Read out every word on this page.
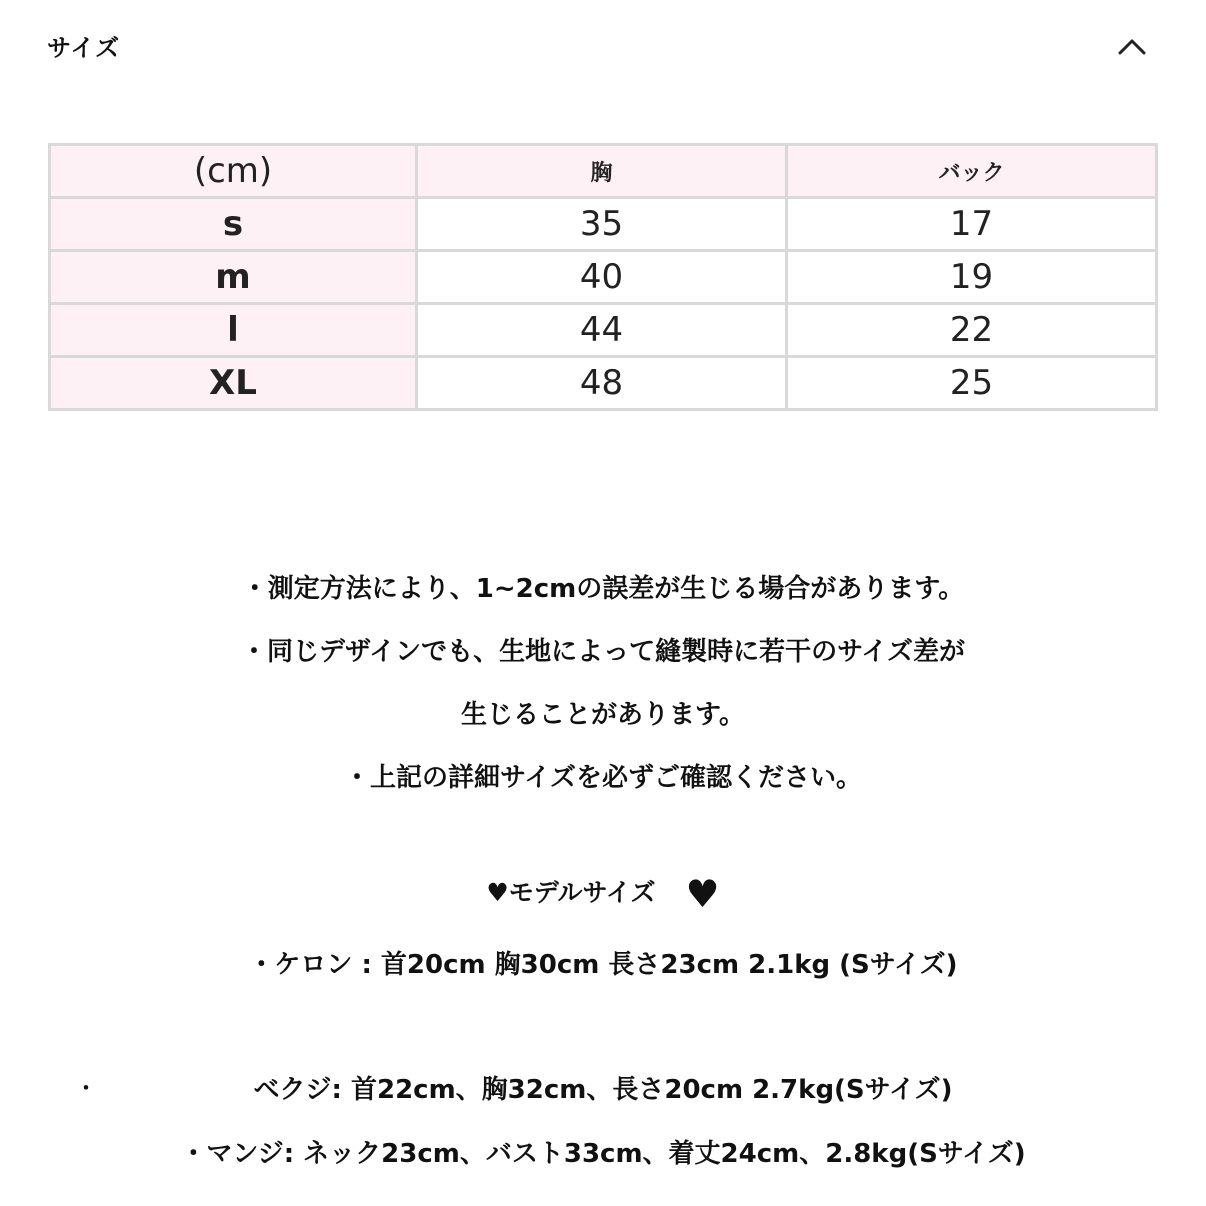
サイズ
(cm)	胸	バック
s	35	17
m	40	19
l	44	22
XL	48	25
・測定方法により、1~2cmの誤差が生じる場合があります。
・同じデザインでも、生地によって縫製時に若干のサイズ差が
生じることがあります。
・上記の詳細サイズを必ずご確認ください。
♥モデルサイズ ♥
・ケロン : 首20cm 胸30cm 長さ23cm 2.1kg (Sサイズ)
・	ベクジ: 首22cm、胸32cm、長さ20cm 2.7kg(Sサイズ)
・マンジ: ネック23cm、バスト33cm、着丈24cm、2.8kg(Sサイズ)
